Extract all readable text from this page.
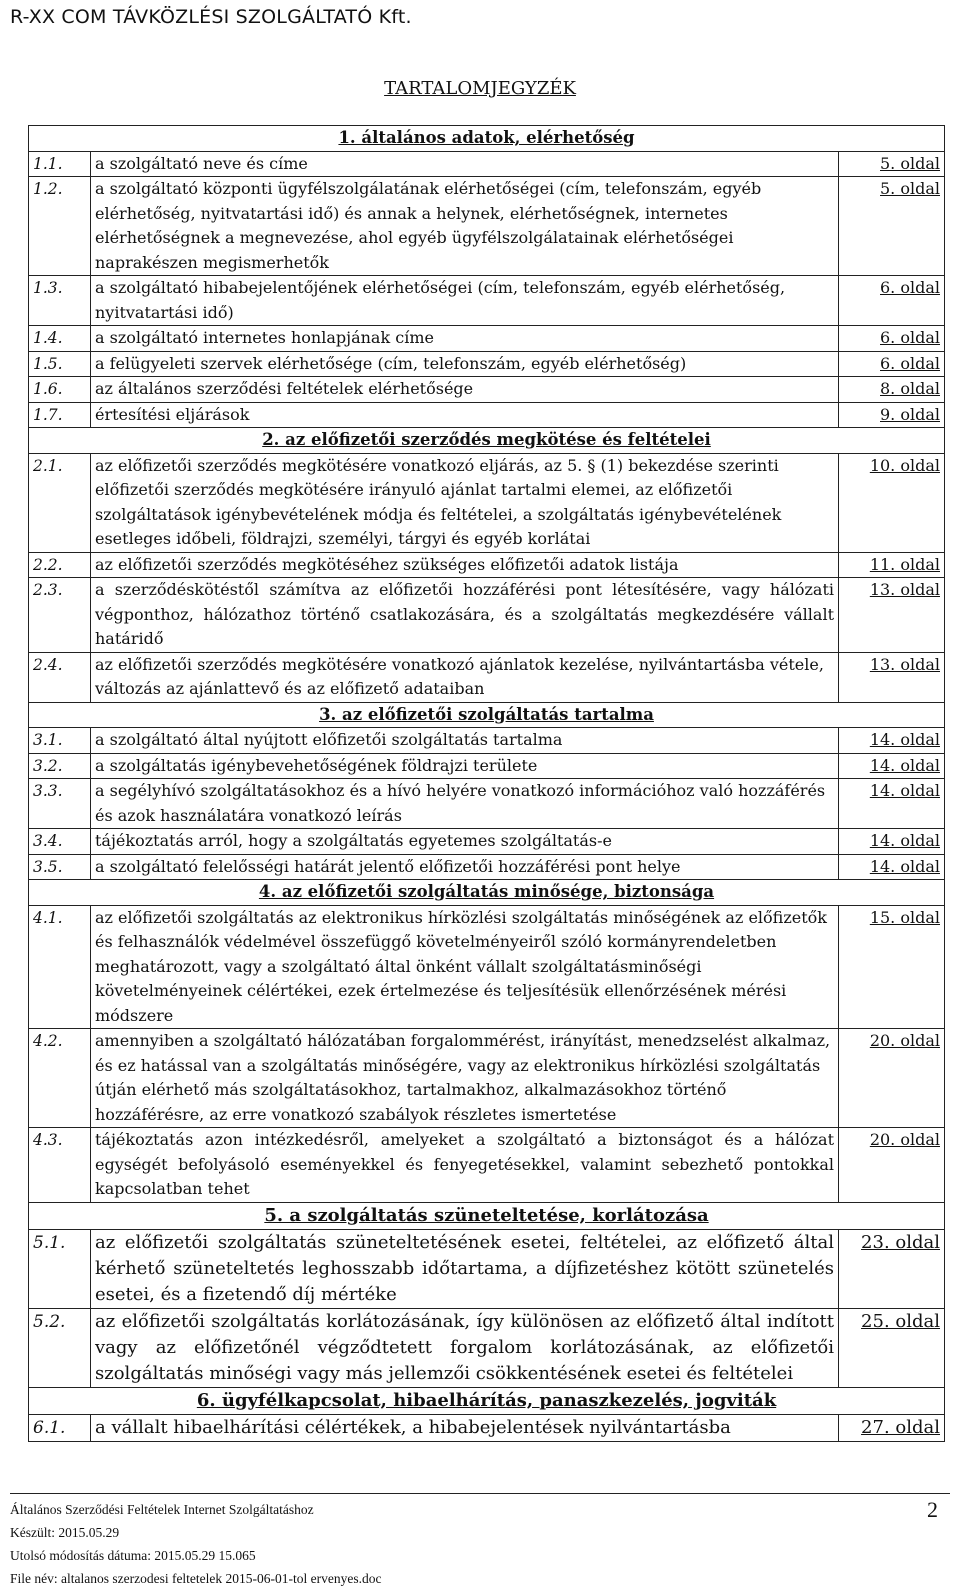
R-XX COM TÁVKÖZLÉSI SZOLGÁLTATÓ Kft.
TARTALOMJEGYZÉK
1. általános adatok, elérhetőség		
1.1.	a szolgáltató neve és címe	5. oldal
1.2.	a szolgáltató központi ügyfélszolgálatának elérhetőségei (cím, telefonszám, egyéb elérhetőség, nyitvatartási idő) és annak a helynek, elérhetőségnek, internetes elérhetőségnek a megnevezése, ahol egyéb ügyfélszolgálatainak elérhetőségei naprakészen megismerhetők	5. oldal
1.3.	a szolgáltató hibabejelentőjének elérhetőségei (cím, telefonszám, egyéb elérhetőség, nyitvatartási idő)	6. oldal
1.4.	a szolgáltató internetes honlapjának címe	6. oldal
1.5.	a felügyeleti szervek elérhetősége (cím, telefonszám, egyéb elérhetőség)	6. oldal
1.6.	az általános szerződési feltételek elérhetősége	8. oldal
1.7.	értesítési eljárások	9. oldal
2. az előfizetői szerződés megkötése és feltételei		
2.1.	az előfizetői szerződés megkötésére vonatkozó eljárás, az 5. § (1) bekezdése szerinti előfizetői szerződés megkötésére irányuló ajánlat tartalmi elemei, az előfizetői szolgáltatások igénybevételének módja és feltételei, a szolgáltatás igénybevételének esetleges időbeli, földrajzi, személyi, tárgyi és egyéb korlátai	10. oldal
2.2.	az előfizetői szerződés megkötéséhez szükséges előfizetői adatok listája	11. oldal
2.3.	a szerződéskötéstől számítva az előfizetői hozzáférési pont létesítésére, vagy hálózati végponthoz, hálózathoz történő csatlakozására, és a szolgáltatás megkezdésére vállalt határidő	13. oldal
2.4.	az előfizetői szerződés megkötésére vonatkozó ajánlatok kezelése, nyilvántartásba vétele, változás az ajánlattevő és az előfizető adataiban	13. oldal
3. az előfizetői szolgáltatás tartalma		
3.1.	a szolgáltató által nyújtott előfizetői szolgáltatás tartalma	14. oldal
3.2.	a szolgáltatás igénybevehetőségének földrajzi területe	14. oldal
3.3.	a segélyhívó szolgáltatásokhoz és a hívó helyére vonatkozó információhoz való hozzáférés és azok használatára vonatkozó leírás	14. oldal
3.4.	tájékoztatás arról, hogy a szolgáltatás egyetemes szolgáltatás-e	14. oldal
3.5.	a szolgáltató felelősségi határát jelentő előfizetői hozzáférési pont helye	14. oldal
4. az előfizetői szolgáltatás minősége, biztonsága		
4.1.	az előfizetői szolgáltatás az elektronikus hírközlési szolgáltatás minőségének az előfizetők és felhasználók védelmével összefüggő követelményeiről szóló kormányrendeletben meghatározott, vagy a szolgáltató által önként vállalt szolgáltatásminőségi követelményeinek célértékei, ezek értelmezése és teljesítésük ellenőrzésének mérési módszere	15. oldal
4.2.	amennyiben a szolgáltató hálózatában forgalommérést, irányítást, menedzselést alkalmaz, és ez hatással van a szolgáltatás minőségére, vagy az elektronikus hírközlési szolgáltatás útján elérhető más szolgáltatásokhoz, tartalmakhoz, alkalmazásokhoz történő hozzáférésre, az erre vonatkozó szabályok részletes ismertetése	20. oldal
4.3.	tájékoztatás azon intézkedésről, amelyeket a szolgáltató a biztonságot és a hálózat egységét befolyásoló eseményekkel és fenyegetésekkel, valamint sebezhető pontokkal kapcsolatban tehet	20. oldal
5. a szolgáltatás szüneteltetése, korlátozása		
5.1.	az előfizetői szolgáltatás szüneteltetésének esetei, feltételei, az előfizető által kérhető szüneteltetés leghosszabb időtartama, a díjfizetéshez kötött szünetelés esetei, és a fizetendő díj mértéke	23. oldal
5.2.	az előfizetői szolgáltatás korlátozásának, így különösen az előfizető által indított vagy az előfizetőnél végződtetett forgalom korlátozásának, az előfizetői szolgáltatás minőségi vagy más jellemzői csökkentésének esetei és feltételei	25. oldal
6. ügyfélkapcsolat, hibaelhárítás, panaszkezelés, jogviták		
6.1.	a vállalt hibaelhárítási célértékek, a hibabejelentések nyilvántartásba	27. oldal
Általános Szerződési Feltételek Internet Szolgáltatáshoz
Készült: 2015.05.29
Utolsó módosítás dátuma: 2015.05.29 15.065
File név: altalanos szerzodesi feltetelek 2015-06-01-tol ervenyes.doc
2
